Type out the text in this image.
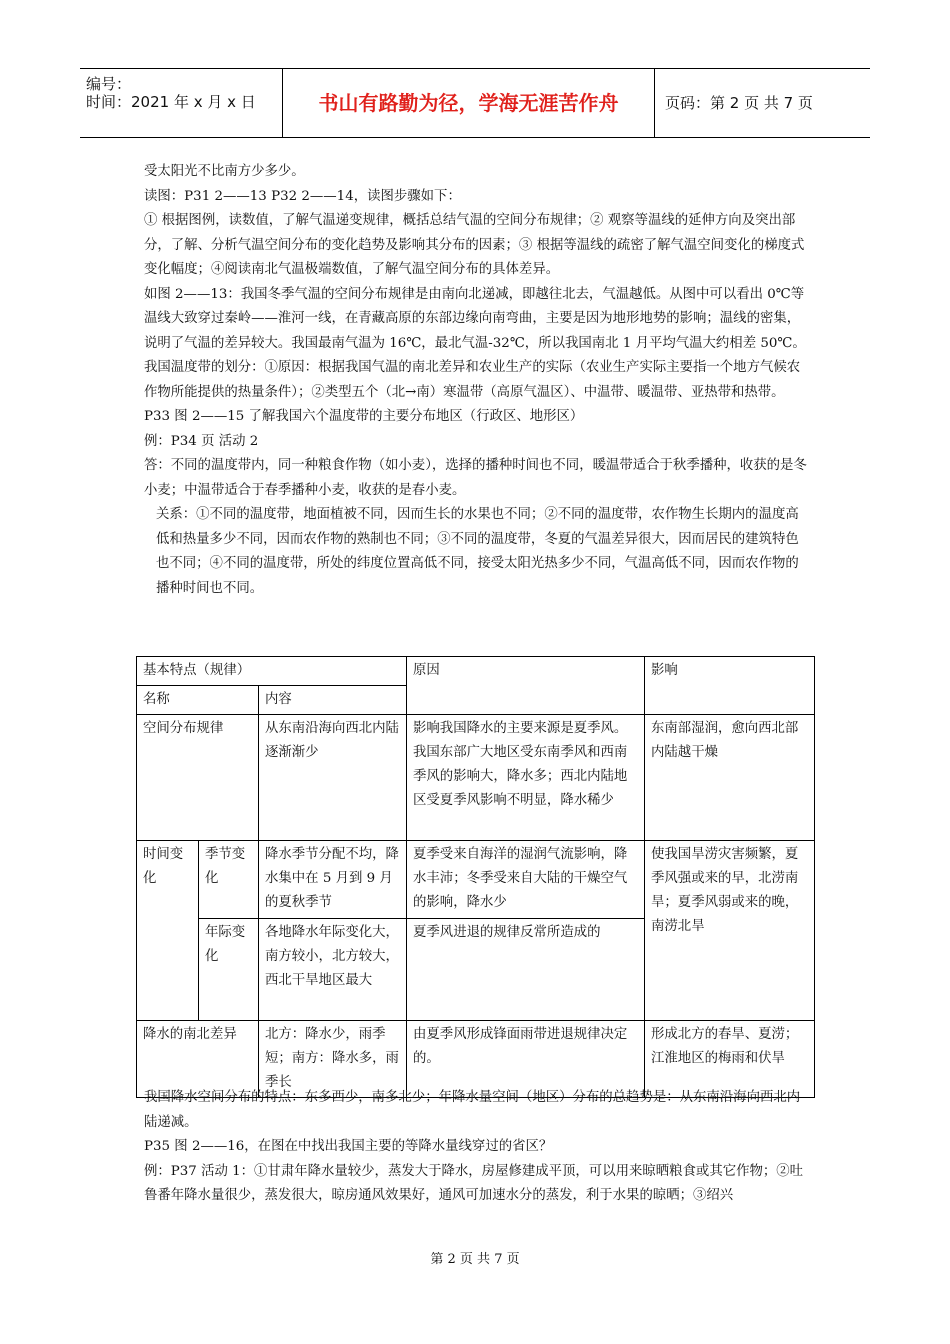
编号：
时间：2021 年 x 月 x 日	书山有路勤为径，学海无涯苦作舟	页码：第 2 页 共 7 页

受太阳光不比南方少多少。

读图：P31 2——13 P32 2——14，读图步骤如下：

① 根据图例，读数值，了解气温递变规律，概括总结气温的空间分布规律；② 观察等温线的延伸方向及突出部分，了解、分析气温空间分布的变化趋势及影响其分布的因素；③ 根据等温线的疏密了解气温空间变化的梯度式变化幅度；④阅读南北气温极端数值，了解气温空间分布的具体差异。

如图 2——13：我国冬季气温的空间分布规律是由南向北递减，即越往北去，气温越低。从图中可以看出 0℃等温线大致穿过秦岭——淮河一线，在青藏高原的东部边缘向南弯曲，主要是因为地形地势的影响；温线的密集，说明了气温的差异较大。我国最南气温为 16℃，最北气温-32℃，所以我国南北 1 月平均气温大约相差 50℃。

我国温度带的划分：①原因：根据我国气温的南北差异和农业生产的实际（农业生产实际主要指一个地方气候农作物所能提供的热量条件）；②类型五个（北→南）寒温带（高原气温区）、中温带、暖温带、亚热带和热带。

P33 图 2——15 了解我国六个温度带的主要分布地区（行政区、地形区）

例：P34 页 活动 2

答：不同的温度带内，同一种粮食作物（如小麦），选择的播种时间也不同，暖温带适合于秋季播种，收获的是冬小麦；中温带适合于春季播种小麦，收获的是春小麦。

关系：①不同的温度带，地面植被不同，因而生长的水果也不同；②不同的温度带，农作物生长期内的温度高低和热量多少不同，因而农作物的熟制也不同；③不同的温度带，冬夏的气温差异很大，因而居民的建筑特色也不同；④不同的温度带，所处的纬度位置高低不同，接受太阳光热多少不同，气温高低不同，因而农作物的播种时间也不同。

基本特点（规律）			原因	影响
名称		内容		
空间分布规律		从东南沿海向西北内陆逐渐渐少	影响我国降水的主要来源是夏季风。我国东部广大地区受东南季风和西南季风的影响大，降水多；西北内陆地区受夏季风影响不明显，降水稀少	东南部湿润，愈向西北部内陆越干燥
时间变化	季节变化	降水季节分配不均，降水集中在 5 月到 9 月的夏秋季节	夏季受来自海洋的湿润气流影响，降水丰沛；冬季受来自大陆的干燥空气的影响，降水少	使我国旱涝灾害频繁，夏季风强或来的早，北涝南旱；夏季风弱或来的晚，南涝北旱
	年际变化	各地降水年际变化大，南方较小，北方较大，西北干旱地区最大	夏季风进退的规律反常所造成的	
降水的南北差异		北方：降水少，雨季短；南方：降水多，雨季长	由夏季风形成锋面雨带进退规律决定的。	形成北方的春旱、夏涝；江淮地区的梅雨和伏旱

我国降水空间分布的特点：东多西少，南多北少；年降水量空间（地区）分布的总趋势是：从东南沿海向西北内陆递减。

P35 图 2——16，在图在中找出我国主要的等降水量线穿过的省区？

例：P37 活动 1：①甘肃年降水量较少，蒸发大于降水，房屋修建成平顶，可以用来晾晒粮食或其它作物；②吐鲁番年降水量很少，蒸发很大，晾房通风效果好，通风可加速水分的蒸发，利于水果的晾晒；③绍兴

第 2 页 共 7 页
